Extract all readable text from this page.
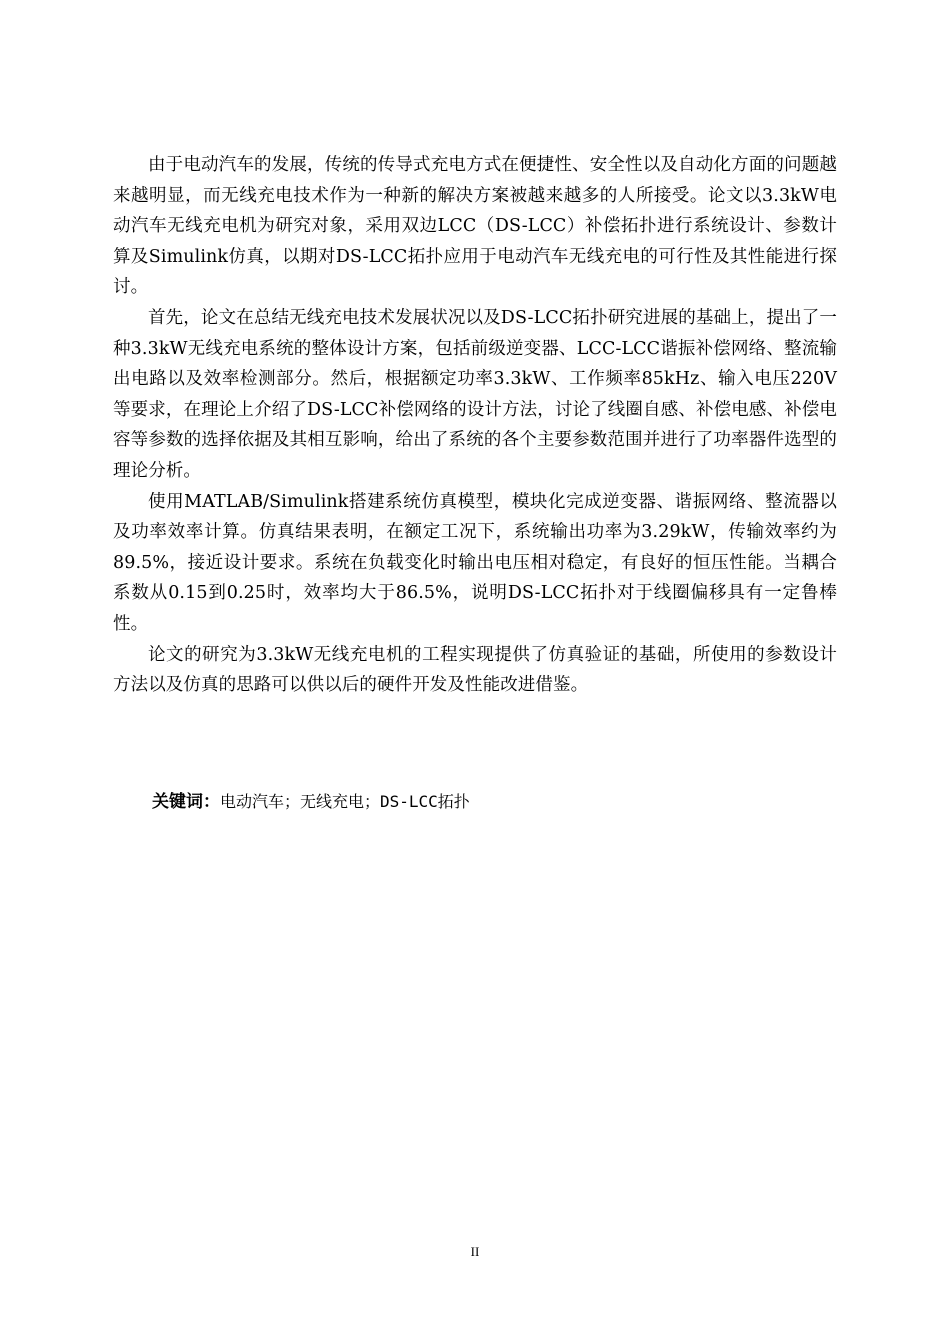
由于电动汽车的发展，传统的传导式充电方式在便捷性、安全性以及自动化方面的问题越来越明显，而无线充电技术作为一种新的解决方案被越来越多的人所接受。论文以3.3kW电动汽车无线充电机为研究对象，采用双边LCC（DS-LCC）补偿拓扑进行系统设计、参数计算及Simulink仿真，以期对DS-LCC拓扑应用于电动汽车无线充电的可行性及其性能进行探讨。

首先，论文在总结无线充电技术发展状况以及DS-LCC拓扑研究进展的基础上，提出了一种3.3kW无线充电系统的整体设计方案，包括前级逆变器、LCC-LCC谐振补偿网络、整流输出电路以及效率检测部分。然后，根据额定功率3.3kW、工作频率85kHz、输入电压220V等要求，在理论上介绍了DS-LCC补偿网络的设计方法，讨论了线圈自感、补偿电感、补偿电容等参数的选择依据及其相互影响，给出了系统的各个主要参数范围并进行了功率器件选型的理论分析。

使用MATLAB/Simulink搭建系统仿真模型，模块化完成逆变器、谐振网络、整流器以及功率效率计算。仿真结果表明，在额定工况下，系统输出功率为3.29kW，传输效率约为89.5%，接近设计要求。系统在负载变化时输出电压相对稳定，有良好的恒压性能。当耦合系数从0.15到0.25时，效率均大于86.5%，说明DS-LCC拓扑对于线圈偏移具有一定鲁棒性。

论文的研究为3.3kW无线充电机的工程实现提供了仿真验证的基础，所使用的参数设计方法以及仿真的思路可以供以后的硬件开发及性能改进借鉴。

关键词：电动汽车；无线充电；DS-LCC拓扑
II
